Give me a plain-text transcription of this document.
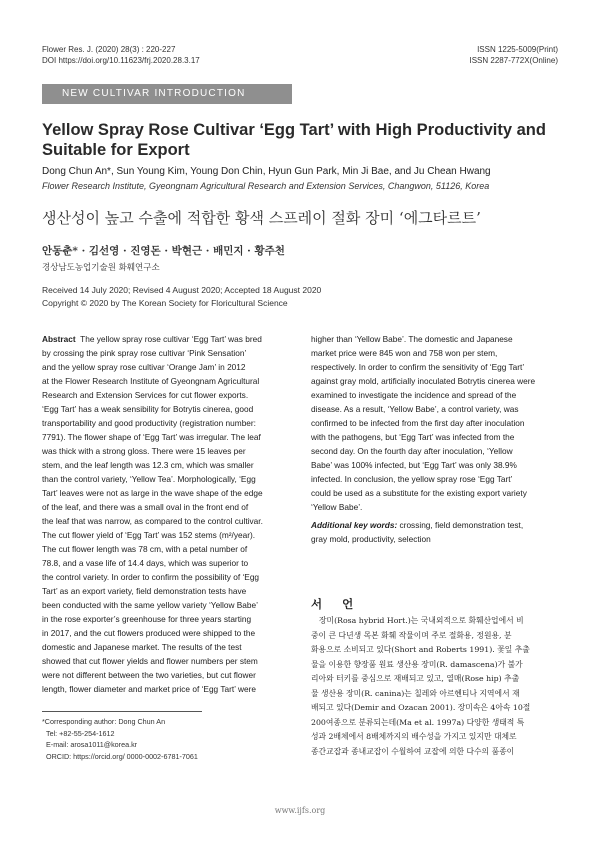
Flower Res. J. (2020) 28(3) : 220-227
DOI https://doi.org/10.11623/frj.2020.28.3.17
ISSN 1225-5009(Print)
ISSN 2287-772X(Online)
NEW CULTIVAR INTRODUCTION
Yellow Spray Rose Cultivar ‘Egg Tart’ with High Productivity and
Suitable for Export
Dong Chun An*, Sun Young Kim, Young Don Chin, Hyun Gun Park, Min Ji Bae, and Ju Chean Hwang
Flower Research Institute, Gyeongnam Agricultural Research and Extension Services, Changwon, 51126, Korea
생산성이 높고 수출에 적합한 황색 스프레이 절화 장미 ‘에그타르트’
안동춘* · 김선영 · 진영돈 · 박현근 · 배민지 · 황주천
경상남도농업기술원 화훼연구소
Received 14 July 2020; Revised 4 August 2020; Accepted 18 August 2020
Copyright © 2020 by The Korean Society for Floricultural Science
Abstract The yellow spray rose cultivar ‘Egg Tart’ was bred
by crossing the pink spray rose cultivar ‘Pink Sensation’
and the yellow spray rose cultivar ‘Orange Jam’ in 2012
at the Flower Research Institute of Gyeongnam Agricultural
Research and Extension Services for cut flower exports.
‘Egg Tart’ has a weak sensibility for Botrytis cinerea, good
transportability and good productivity (registration number:
7791). The flower shape of ‘Egg Tart’ was irregular. The leaf
was thick with a strong gloss. There were 15 leaves per
stem, and the leaf length was 12.3 cm, which was smaller
than the control variety, ‘Yellow Tea’. Morphologically, ‘Egg
Tart’ leaves were not as large in the wave shape of the edge
of the leaf, and there was a small oval in the front end of
the leaf that was narrow, as compared to the control cultivar.
The cut flower yield of ‘Egg Tart’ was 152 stems (m²/year).
The cut flower length was 78 cm, with a petal number of
78.8, and a vase life of 14.4 days, which was superior to
the control variety. In order to confirm the possibility of ‘Egg
Tart’ as an export variety, field demonstration tests have
been conducted with the same yellow variety ‘Yellow Babe’
in the rose exporter’s greenhouse for three years starting
in 2017, and the cut flowers produced were shipped to the
domestic and Japanese market. The results of the test
showed that cut flower yields and flower numbers per stem
were not different between the two varieties, but cut flower
length, flower diameter and market price of ‘Egg Tart’ were
higher than ‘Yellow Babe’. The domestic and Japanese
market price were 845 won and 758 won per stem,
respectively. In order to confirm the sensitivity of ‘Egg Tart’
against gray mold, artificially inoculated Botrytis cinerea were
examined to investigate the incidence and spread of the
disease. As a result, ‘Yellow Babe’, a control variety, was
confirmed to be infected from the first day after inoculation
with the pathogens, but ‘Egg Tart’ was infected from the
second day. On the fourth day after inoculation, ‘Yellow
Babe’ was 100% infected, but ‘Egg Tart’ was only 38.9%
infected. In conclusion, the yellow spray rose ‘Egg Tart’
could be used as a substitute for the existing export variety
‘Yellow Babe’.
Additional key words: crossing, field demonstration test,
gray mold, productivity, selection
서 언
장미(Rosa hybrid Hort.)는 국내외적으로 화훼산업에서 비
중이 큰 다년생 목본 화훼 작물이며 주로 절화용, 정원용, 분
화용으로 소비되고 있다(Short and Roberts 1991). 꽃잎 추출
물을 이용한 향장품 원료 생산용 장미(R. damascena)가 불가
리아와 터키를 중심으로 재배되고 있고, 열매(Rose hip) 추출
물 생산용 장미(R. canina)는 칠레와 아르헨티나 지역에서 재
배되고 있다(Demir and Ozacan 2001). 장미속은 4아속 10절
200여종으로 분류되는데(Ma et al. 1997a) 다양한 생태적 특
성과 2배체에서 8배체까지의 배수성을 가지고 있지만 대체로
종간교잡과 종내교잡이 수월하여 교잡에 의한 다수의 품종이
*Corresponding author: Dong Chun An
Tel: +82-55-254-1612
E-mail: arosa1011@korea.kr
ORCID: https://orcid.org/ 0000-0002-6781-7061
www.ijfs.org
